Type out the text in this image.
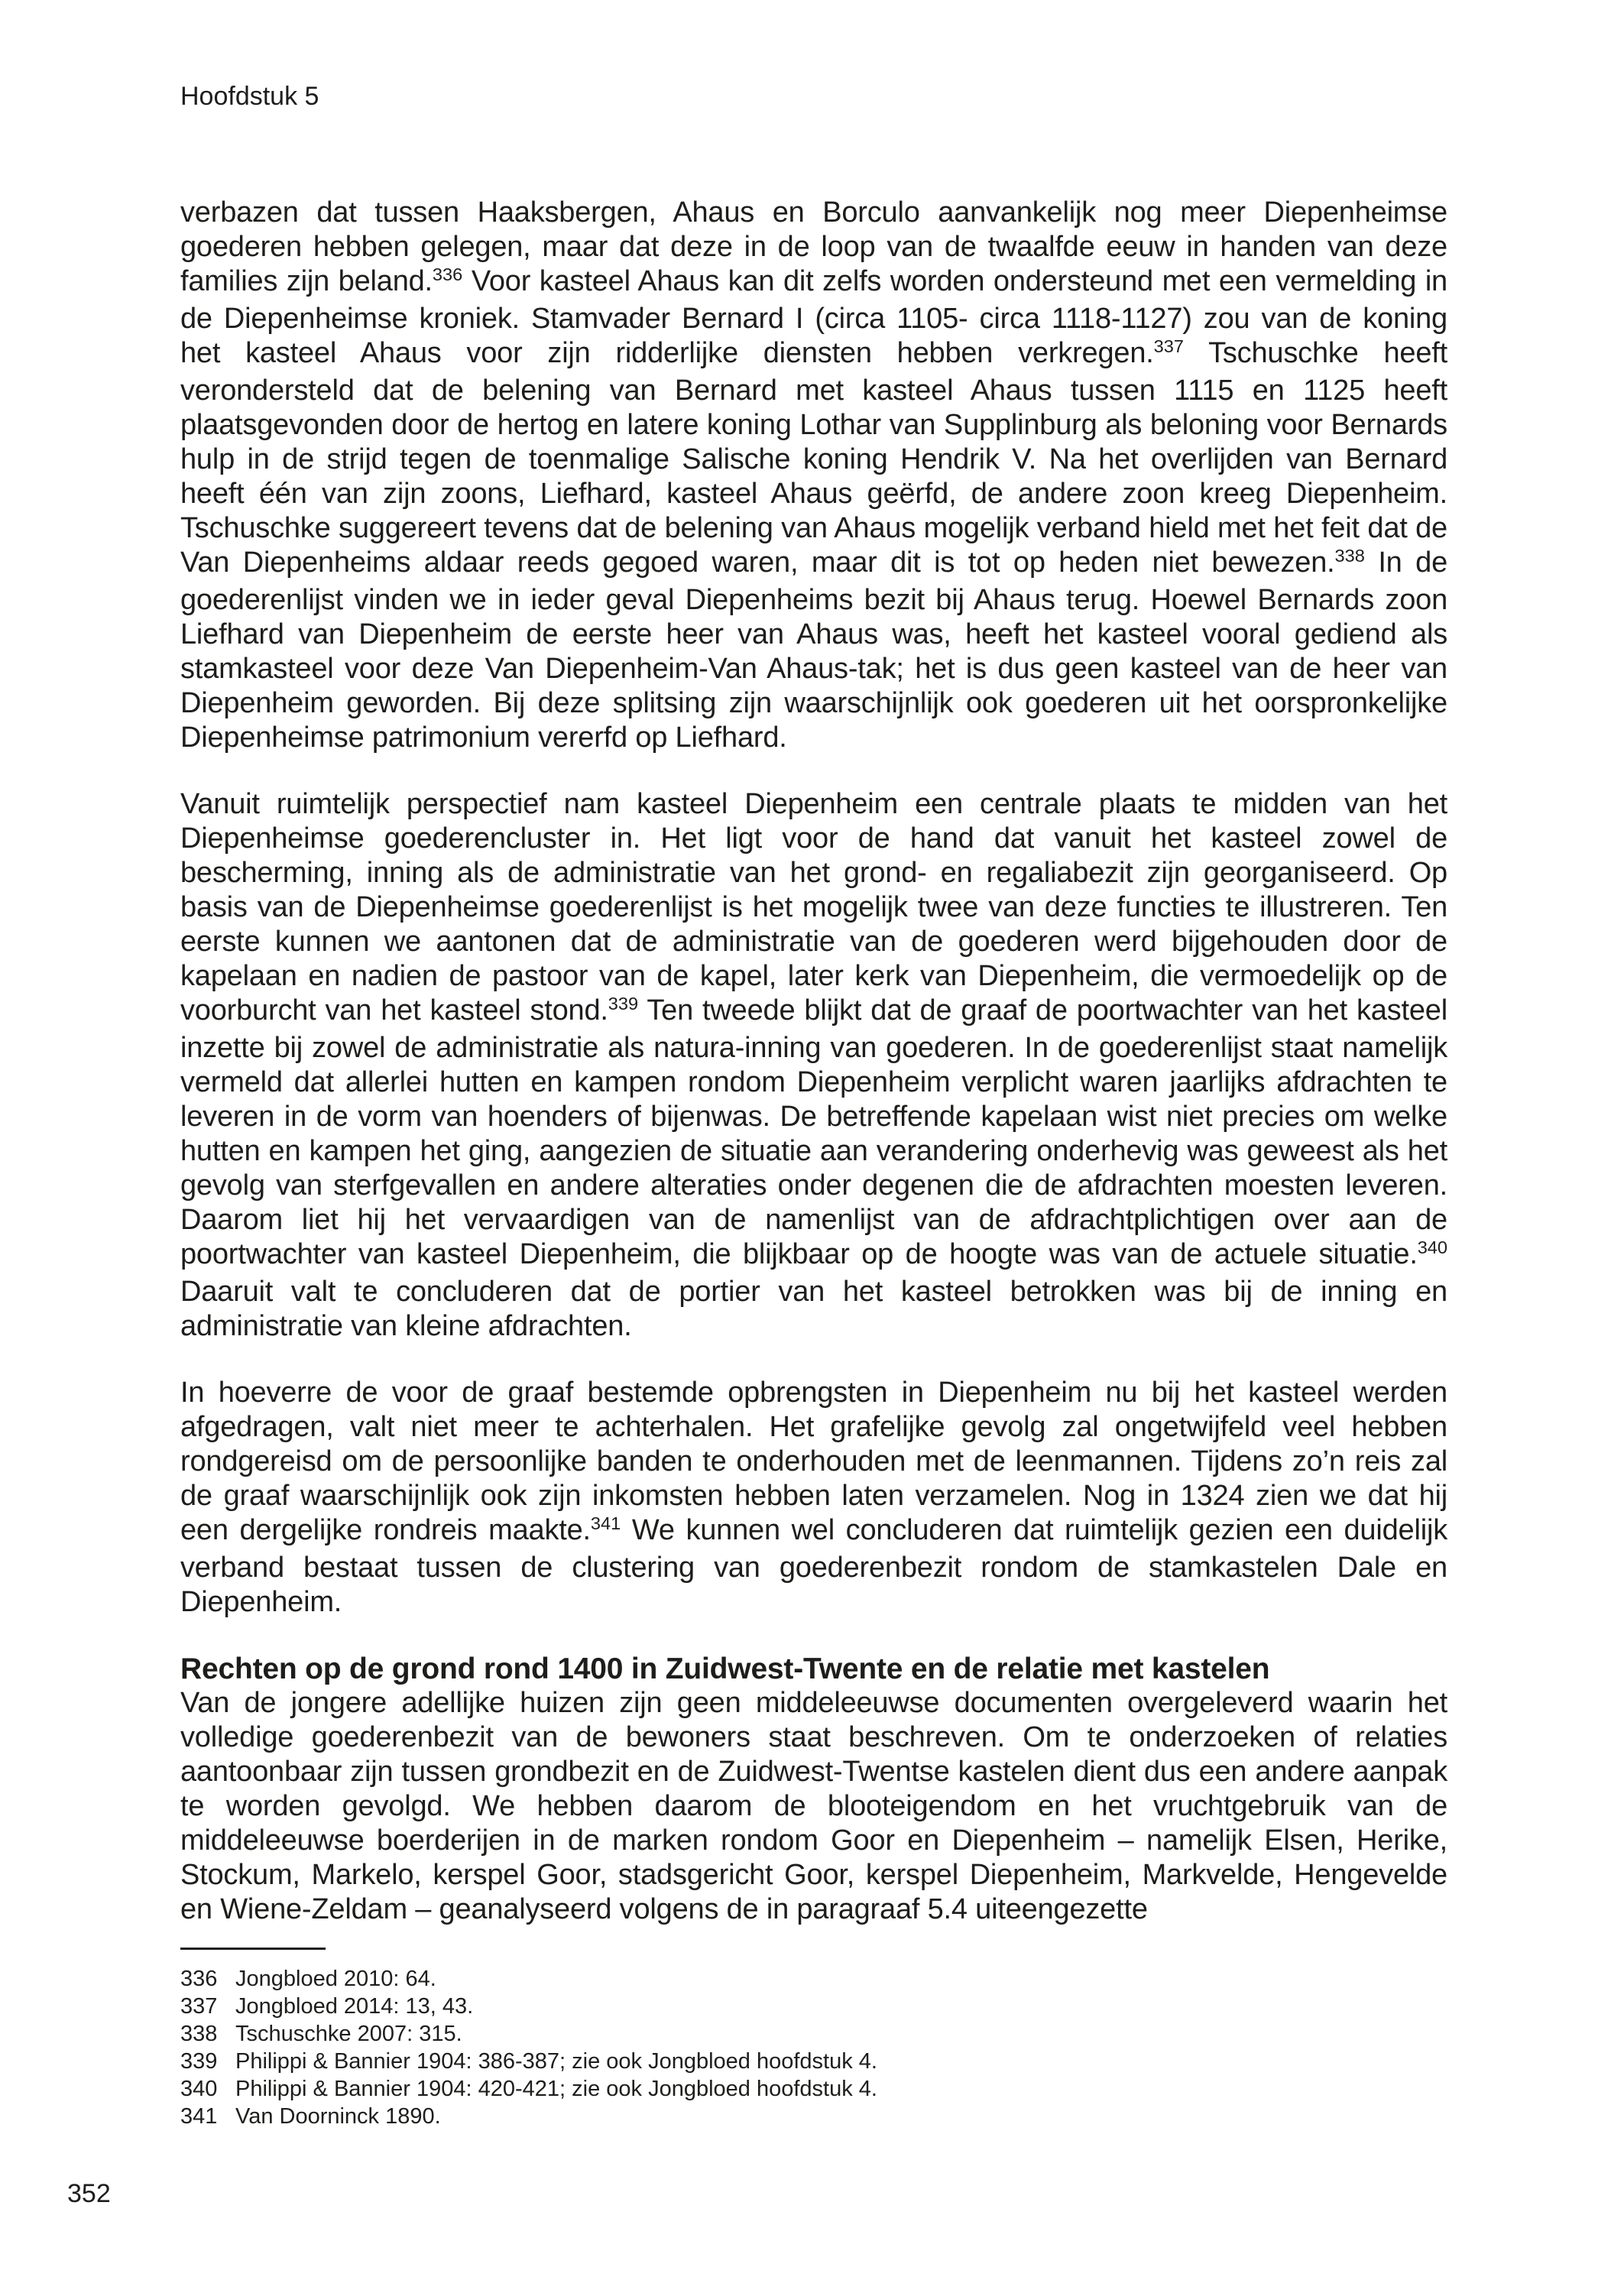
Hoofdstuk 5

verbazen dat tussen Haaksbergen, Ahaus en Borculo aanvankelijk nog meer Diepenheimse goederen hebben gelegen, maar dat deze in de loop van de twaalfde eeuw in handen van deze families zijn beland.$^{336}$ Voor kasteel Ahaus kan dit zelfs worden ondersteund met een vermelding in de Diepenheimse kroniek. Stamvader Bernard I (circa 1105- circa 1118-1127) zou van de koning het kasteel Ahaus voor zijn ridderlijke diensten hebben verkregen.$^{337}$ Tschuschke heeft verondersteld dat de belening van Bernard met kasteel Ahaus tussen 1115 en 1125 heeft plaatsgevonden door de hertog en latere koning Lothar van Supplinburg als beloning voor Bernards hulp in de strijd tegen de toenmalige Salische koning Hendrik V. Na het overlijden van Bernard heeft één van zijn zoons, Liefhard, kasteel Ahaus geërfd, de andere zoon kreeg Diepenheim. Tschuschke suggereert tevens dat de belening van Ahaus mogelijk verband hield met het feit dat de Van Diepenheims aldaar reeds gegoed waren, maar dit is tot op heden niet bewezen.$^{338}$ In de goederenlijst vinden we in ieder geval Diepenheims bezit bij Ahaus terug. Hoewel Bernards zoon Liefhard van Diepenheim de eerste heer van Ahaus was, heeft het kasteel vooral gediend als stamkasteel voor deze Van Diepenheim-Van Ahaus-tak; het is dus geen kasteel van de heer van Diepenheim geworden. Bij deze splitsing zijn waarschijnlijk ook goederen uit het oorspronkelijke Diepenheimse patrimonium vererfd op Liefhard.

Vanuit ruimtelijk perspectief nam kasteel Diepenheim een centrale plaats te midden van het Diepenheimse goederencluster in. Het ligt voor de hand dat vanuit het kasteel zowel de bescherming, inning als de administratie van het grond- en regaliabezit zijn georganiseerd. Op basis van de Diepenheimse goederenlijst is het mogelijk twee van deze functies te illustreren. Ten eerste kunnen we aantonen dat de administratie van de goederen werd bijgehouden door de kapelaan en nadien de pastoor van de kapel, later kerk van Diepenheim, die vermoedelijk op de voorburcht van het kasteel stond.$^{339}$ Ten tweede blijkt dat de graaf de poortwachter van het kasteel inzette bij zowel de administratie als natura-inning van goederen. In de goederenlijst staat namelijk vermeld dat allerlei hutten en kampen rondom Diepenheim verplicht waren jaarlijks afdrachten te leveren in de vorm van hoenders of bijenwas. De betreffende kapelaan wist niet precies om welke hutten en kampen het ging, aangezien de situatie aan verandering onderhevig was geweest als het gevolg van sterfgevallen en andere alteraties onder degenen die de afdrachten moesten leveren. Daarom liet hij het vervaardigen van de namenlijst van de afdrachtplichtigen over aan de poortwachter van kasteel Diepenheim, die blijkbaar op de hoogte was van de actuele situatie.$^{340}$ Daaruit valt te concluderen dat de portier van het kasteel betrokken was bij de inning en administratie van kleine afdrachten.

In hoeverre de voor de graaf bestemde opbrengsten in Diepenheim nu bij het kasteel werden afgedragen, valt niet meer te achterhalen. Het grafelijke gevolg zal ongetwijfeld veel hebben rondgereisd om de persoonlijke banden te onderhouden met de leenmannen. Tijdens zo’n reis zal de graaf waarschijnlijk ook zijn inkomsten hebben laten verzamelen. Nog in 1324 zien we dat hij een dergelijke rondreis maakte.$^{341}$ We kunnen wel concluderen dat ruimtelijk gezien een duidelijk verband bestaat tussen de clustering van goederenbezit rondom de stamkastelen Dale en Diepenheim.

Rechten op de grond rond 1400 in Zuidwest-Twente en de relatie met kastelen

Van de jongere adellijke huizen zijn geen middeleeuwse documenten overgeleverd waarin het volledige goederenbezit van de bewoners staat beschreven. Om te onderzoeken of relaties aantoonbaar zijn tussen grondbezit en de Zuidwest-Twentse kastelen dient dus een andere aanpak te worden gevolgd. We hebben daarom de blooteigendom en het vruchtgebruik van de middeleeuwse boerderijen in de marken rondom Goor en Diepenheim – namelijk Elsen, Herike, Stockum, Markelo, kerspel Goor, stadsgericht Goor, kerspel Diepenheim, Markvelde, Hengevelde en Wiene-Zeldam – geanalyseerd volgens de in paragraaf 5.4 uiteengezette

336 Jongbloed 2010: 64.
337 Jongbloed 2014: 13, 43.
338 Tschuschke 2007: 315.
339 Philippi & Bannier 1904: 386-387; zie ook Jongbloed hoofdstuk 4.
340 Philippi & Bannier 1904: 420-421; zie ook Jongbloed hoofdstuk 4.
341 Van Doorninck 1890.
352
